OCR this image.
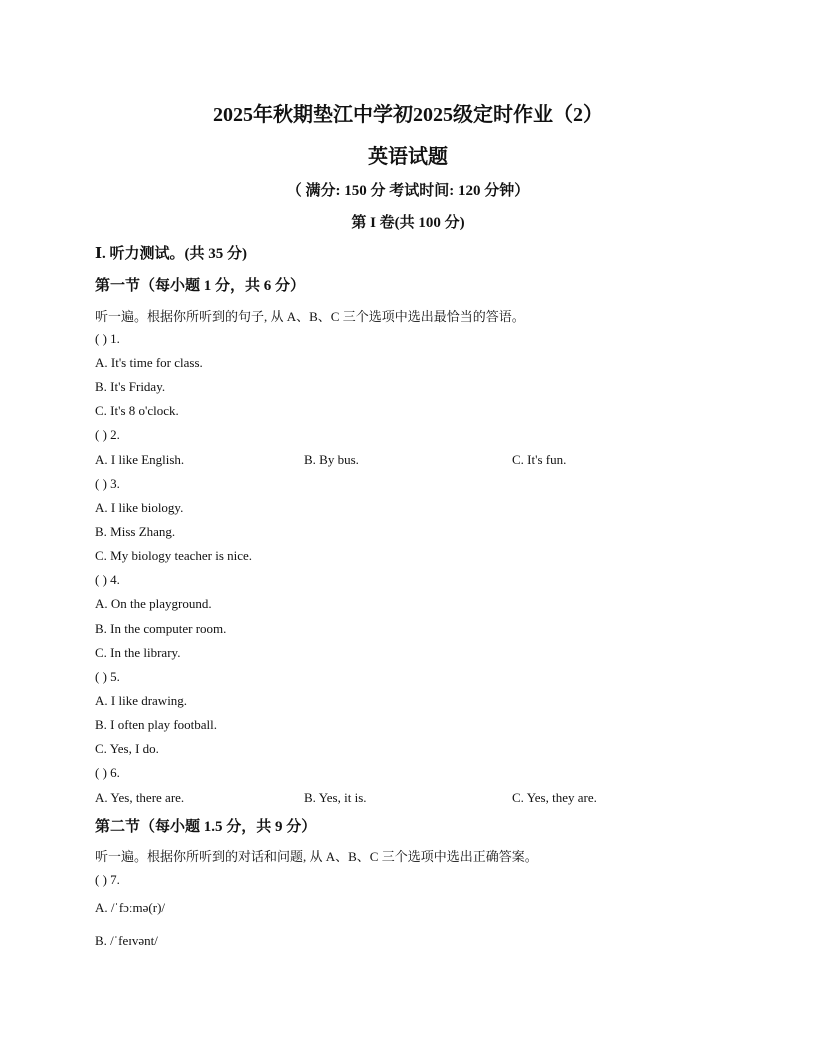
2025年秋期垫江中学初2025级定时作业（2）
英语试题
（ 满分: 150 分 考试时间: 120 分钟）
第 I 卷(共 100 分)
Ⅰ. 听力测试。(共 35 分)
第一节（每小题 1 分，共 6 分）
听一遍。根据你所听到的句子, 从 A、B、C 三个选项中选出最恰当的答语。
( ) 1.
A. It's time for class.
B. It's Friday.
C. It's 8 o'clock.
( ) 2.
A. I like English.	B. By bus.	C. It's fun.
( ) 3.
A. I like biology.
B. Miss Zhang.
C. My biology teacher is nice.
( ) 4.
A. On the playground.
B. In the computer room.
C. In the library.
( ) 5.
A. I like drawing.
B. I often play football.
C. Yes, I do.
( ) 6.
A. Yes, there are.	B. Yes, it is.	C. Yes, they are.
第二节（每小题 1.5 分，共 9 分）
听一遍。根据你所听到的对话和问题, 从 A、B、C 三个选项中选出正确答案。
( ) 7.
A. /ˈfɔːmə(r)/
B. /ˈfeɪvənt/
